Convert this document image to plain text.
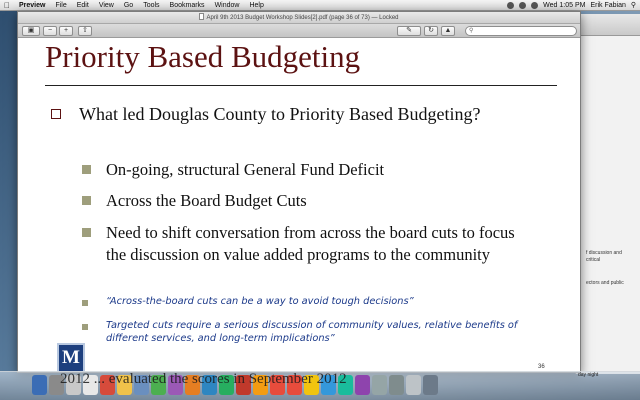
Preview	File	Edit	View	Go	Tools	Bookmarks	Window	Help	Wed 1:05 PM Erik Fabian ⚲
f discussion and
critical
ectors and public
April 9th 2013 Budget Workshop Slides[2].pdf (page 36 of 73) — Locked
▣	−	+	⇧	✎	↻	▲	⚲
Priority Based Budgeting
What led Douglas County to Priority Based Budgeting?
On-going, structural General Fund Deficit
Across the Board Budget Cuts
Need to shift conversation from across the board cuts to focus the discussion on value added programs to the community
“Across-the-board cuts can be a way to avoid tough decisions”
Targeted cuts require a serious discussion of community values, relative benefits of different services, and long-term implications”
M	36
2012 ... evaluated the scores in September 2012	day night
